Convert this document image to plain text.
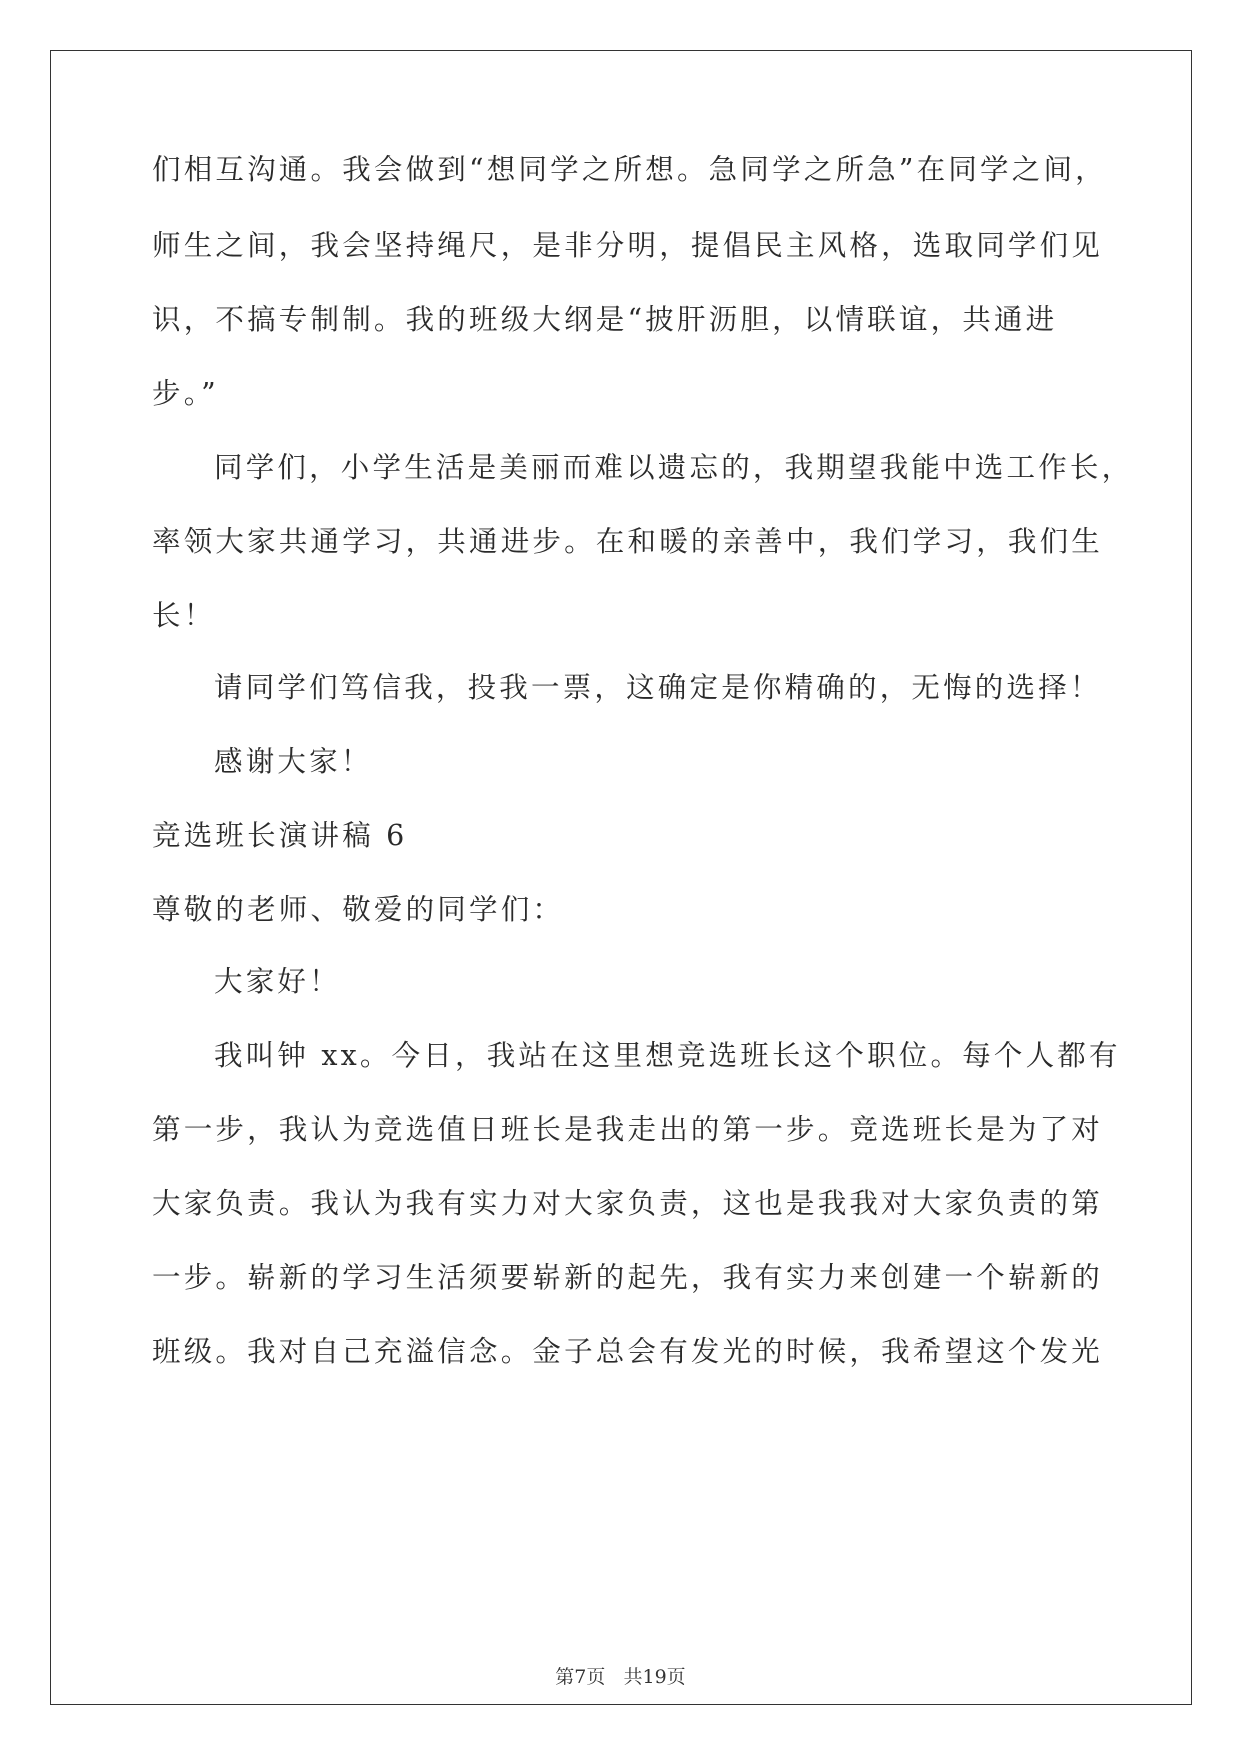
们相互沟通。我会做到“想同学之所想。急同学之所急”在同学之间，
师生之间，我会坚持绳尺，是非分明，提倡民主风格，选取同学们见
识，不搞专制制。我的班级大纲是“披肝沥胆，以情联谊，共通进
步。”
同学们，小学生活是美丽而难以遗忘的，我期望我能中选工作长，
率领大家共通学习，共通进步。在和暖的亲善中，我们学习，我们生
长！
请同学们笃信我，投我一票，这确定是你精确的，无悔的选择！
感谢大家！
竞选班长演讲稿 6
尊敬的老师、敬爱的同学们：
大家好！
我叫钟 xx。今日，我站在这里想竞选班长这个职位。每个人都有
第一步，我认为竞选值日班长是我走出的第一步。竞选班长是为了对
大家负责。我认为我有实力对大家负责，这也是我我对大家负责的第
一步。崭新的学习生活须要崭新的起先，我有实力来创建一个崭新的
班级。我对自己充溢信念。金子总会有发光的时候，我希望这个发光
第7页   共19页
